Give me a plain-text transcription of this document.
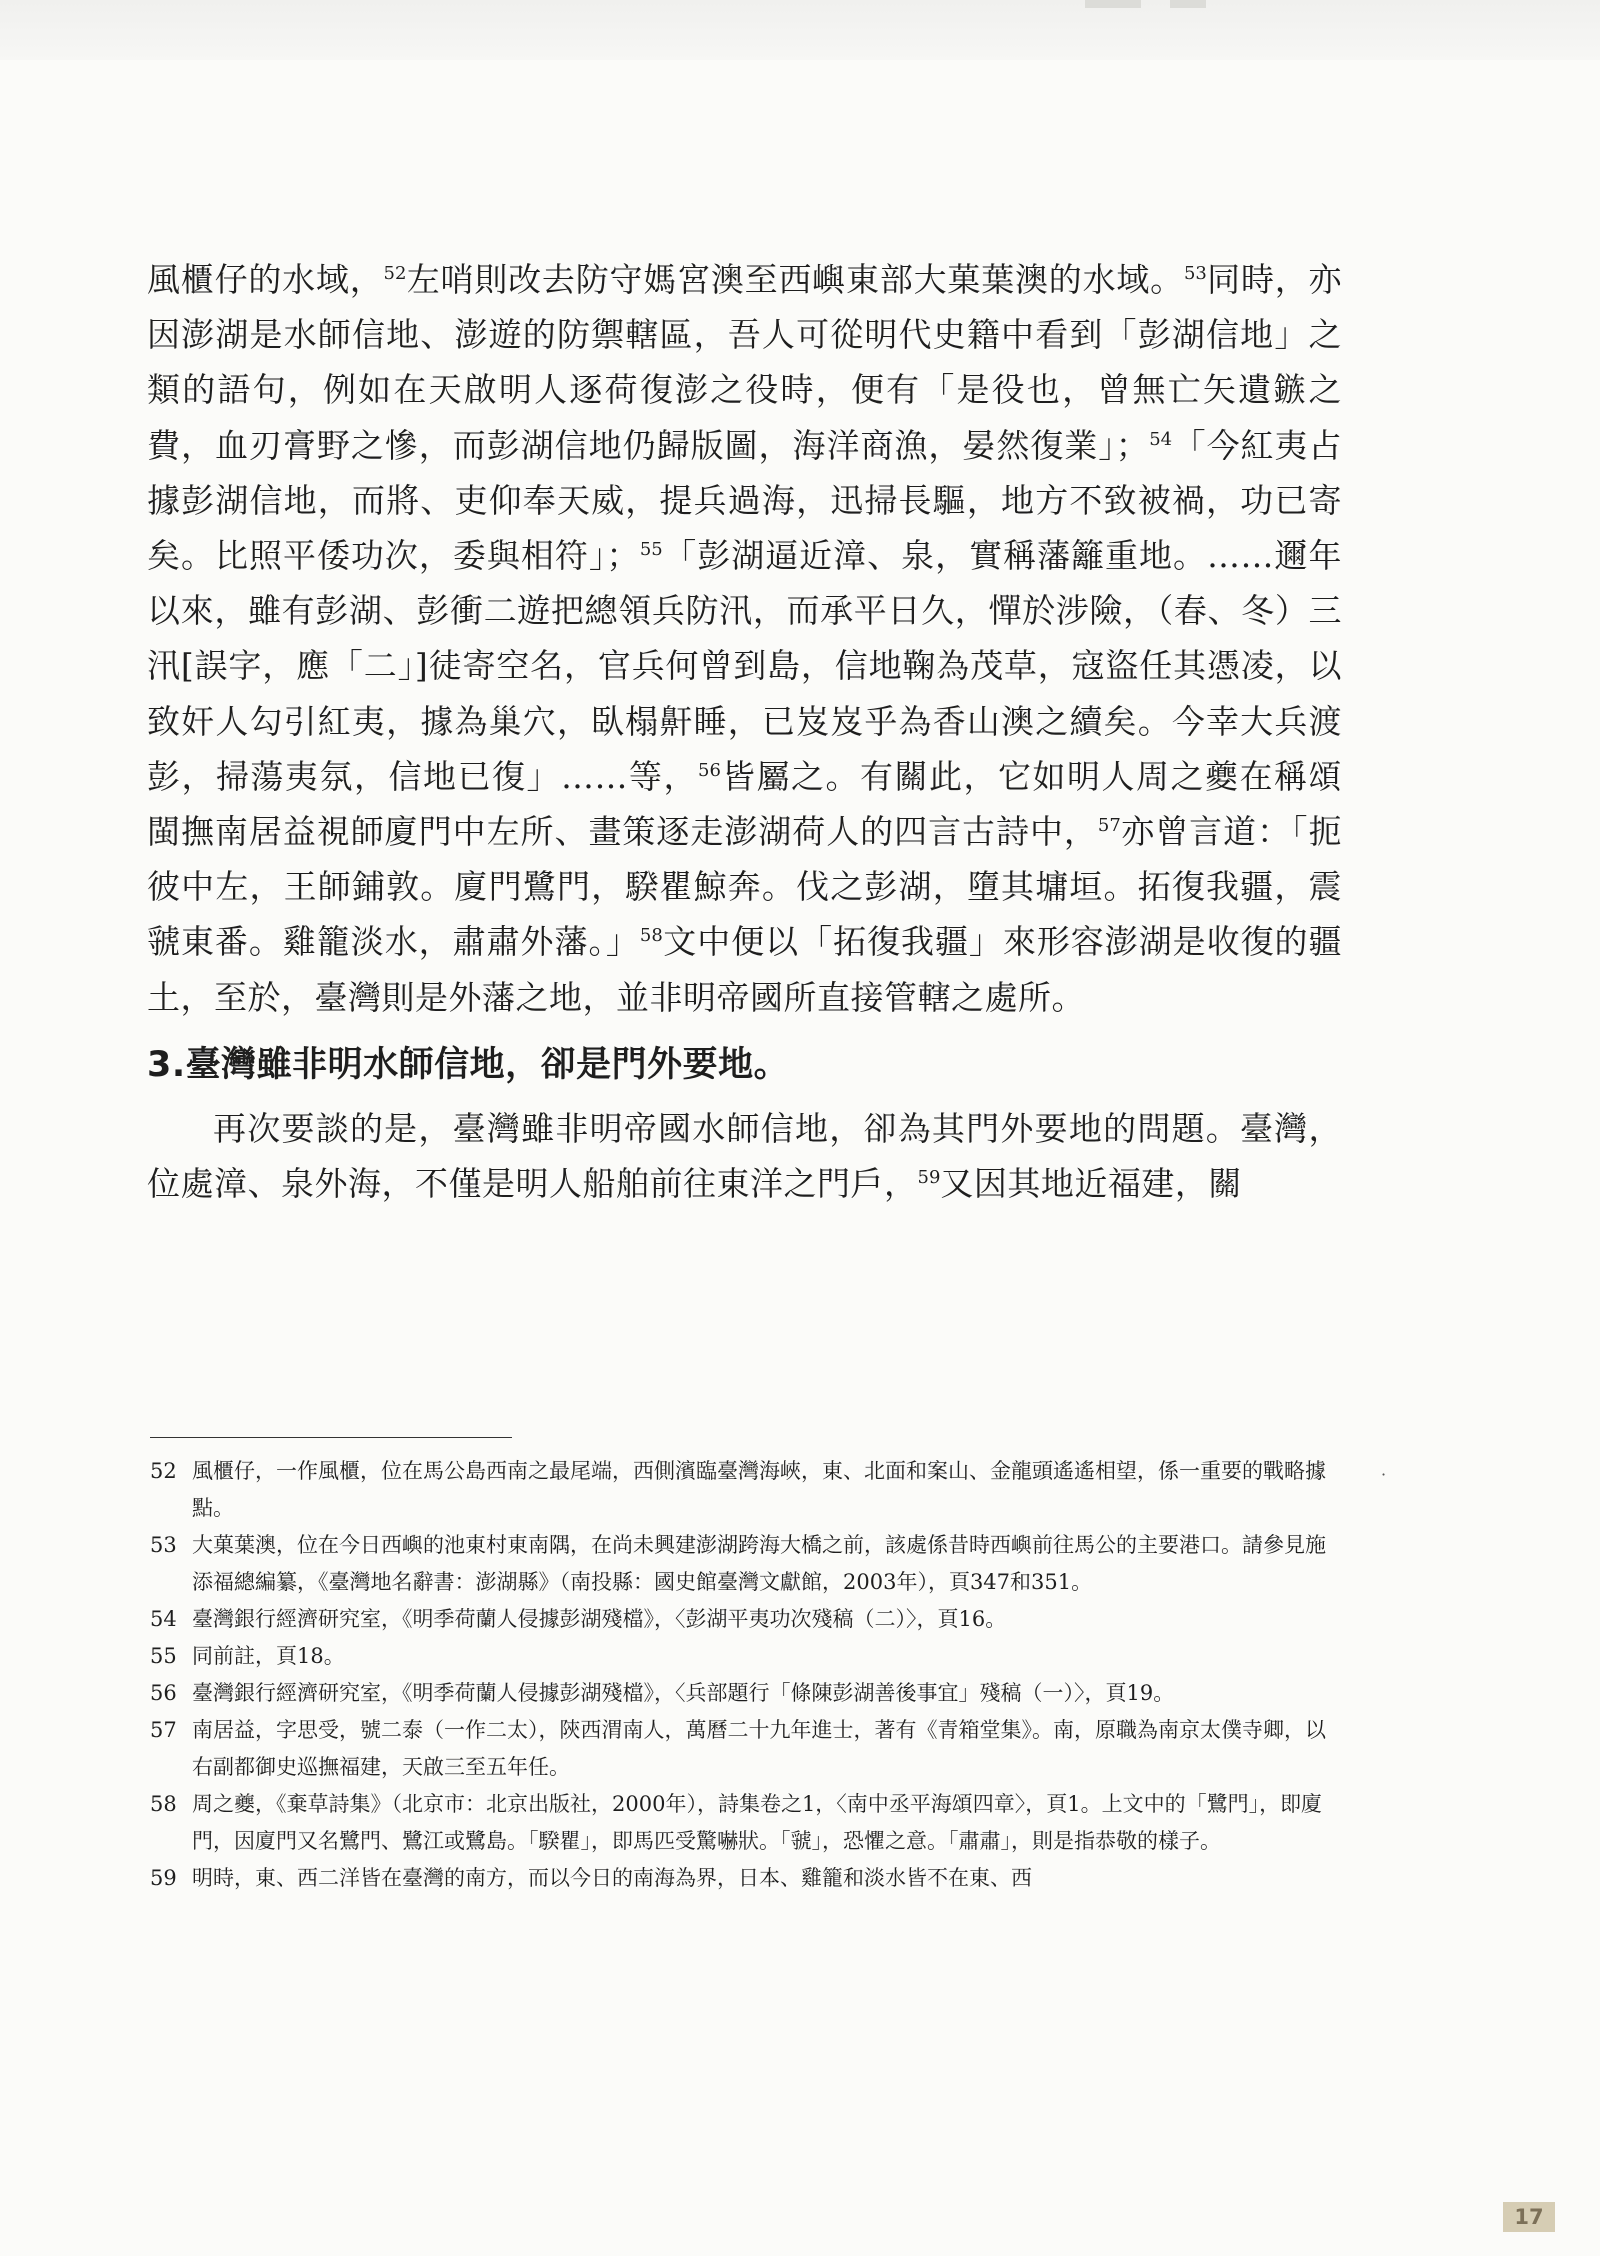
風櫃仔的水域，$^{52}$左哨則改去防守媽宮澳至西嶼東部大菓葉澳的水域。$^{53}$同時，亦因澎湖是水師信地、澎遊的防禦轄區，吾人可從明代史籍中看到「彭湖信地」之類的語句，例如在天啟明人逐荷復澎之役時，便有「是役也，曾無亡矢遺鏃之費，血刃膏野之慘，而彭湖信地仍歸版圖，海洋商漁，晏然復業」；$^{54}$「今紅夷占據彭湖信地，而將、吏仰奉天威，提兵過海，迅掃長驅，地方不致被禍，功已寄矣。比照平倭功次，委與相符」；$^{55}$「彭湖逼近漳、泉，實稱藩籬重地。……邇年以來，雖有彭湖、彭衝二遊把總領兵防汛，而承平日久，憚於涉險，（春、冬）三汛[誤字，應「二」]徒寄空名，官兵何曾到島，信地鞠為茂草，寇盜任其憑凌，以致奸人勾引紅夷，據為巢穴，臥榻鼾睡，已岌岌乎為香山澳之續矣。今幸大兵渡彭，掃蕩夷氛，信地已復」……等，$^{56}$皆屬之。有關此，它如明人周之夔在稱頌閩撫南居益視師廈門中左所、畫策逐走澎湖荷人的四言古詩中，$^{57}$亦曾言道：「扼彼中左，王師鋪敦。廈門鷺門，騤瞿鯨奔。伐之彭湖，墮其墉垣。拓復我疆，震虢東番。雞籠淡水，肅肅外藩。」$^{58}$文中便以「拓復我疆」來形容澎湖是收復的疆土，至於，臺灣則是外藩之地，並非明帝國所直接管轄之處所。

3.臺灣雖非明水師信地，卻是門外要地。

再次要談的是，臺灣雖非明帝國水師信地，卻為其門外要地的問題。臺灣，位處漳、泉外海，不僅是明人船舶前往東洋之門戶，$^{59}$又因其地近福建，關

52 風櫃仔，一作風櫃，位在馬公島西南之最尾端，西側濱臨臺灣海峽，東、北面和案山、金龍頭遙遙相望，係一重要的戰略據點。
53 大菓葉澳，位在今日西嶼的池東村東南隅，在尚未興建澎湖跨海大橋之前，該處係昔時西嶼前往馬公的主要港口。請參見施添福總編纂，《臺灣地名辭書：澎湖縣》（南投縣：國史館臺灣文獻館，2003年），頁347和351。
54 臺灣銀行經濟研究室，《明季荷蘭人侵據彭湖殘檔》，〈彭湖平夷功次殘稿（二）〉，頁16。
55 同前註，頁18。
56 臺灣銀行經濟研究室，《明季荷蘭人侵據彭湖殘檔》，〈兵部題行「條陳彭湖善後事宜」殘稿（一）〉，頁19。
57 南居益，字思受，號二泰（一作二太），陝西渭南人，萬曆二十九年進士，著有《青箱堂集》。南，原職為南京太僕寺卿，以右副都御史巡撫福建，天啟三至五年任。
58 周之夔，《棄草詩集》（北京市：北京出版社，2000年），詩集卷之1，〈南中丞平海頌四章〉，頁1。上文中的「鷺門」，即廈門，因廈門又名鷺門、鷺江或鷺島。「騤瞿」，即馬匹受驚嚇狀。「虢」，恐懼之意。「肅肅」，則是指恭敬的樣子。
59 明時，東、西二洋皆在臺灣的南方，而以今日的南海為界，日本、雞籠和淡水皆不在東、西
·
17
